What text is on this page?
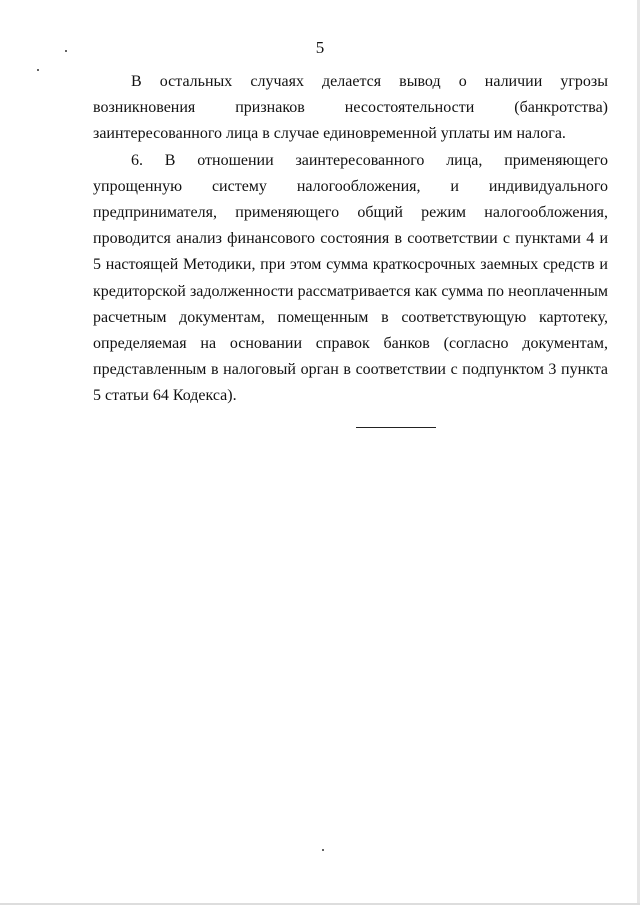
5

В остальных случаях делается вывод о наличии угрозы возникновения признаков несостоятельности (банкротства) заинтересованного лица в случае единовременной уплаты им налога.

6. В отношении заинтересованного лица, применяющего упрощенную систему налогообложения, и индивидуального предпринимателя, применяющего общий режим налогообложения, проводится анализ финансового состояния в соответствии с пунктами 4 и 5 настоящей Методики, при этом сумма краткосрочных заемных средств и кредиторской задолженности рассматривается как сумма по неоплаченным расчетным документам, помещенным в соответствующую картотеку, определяемая на основании справок банков (согласно документам, представленным в налоговый орган в соответствии с подпунктом 3 пункта 5 статьи 64 Кодекса).
